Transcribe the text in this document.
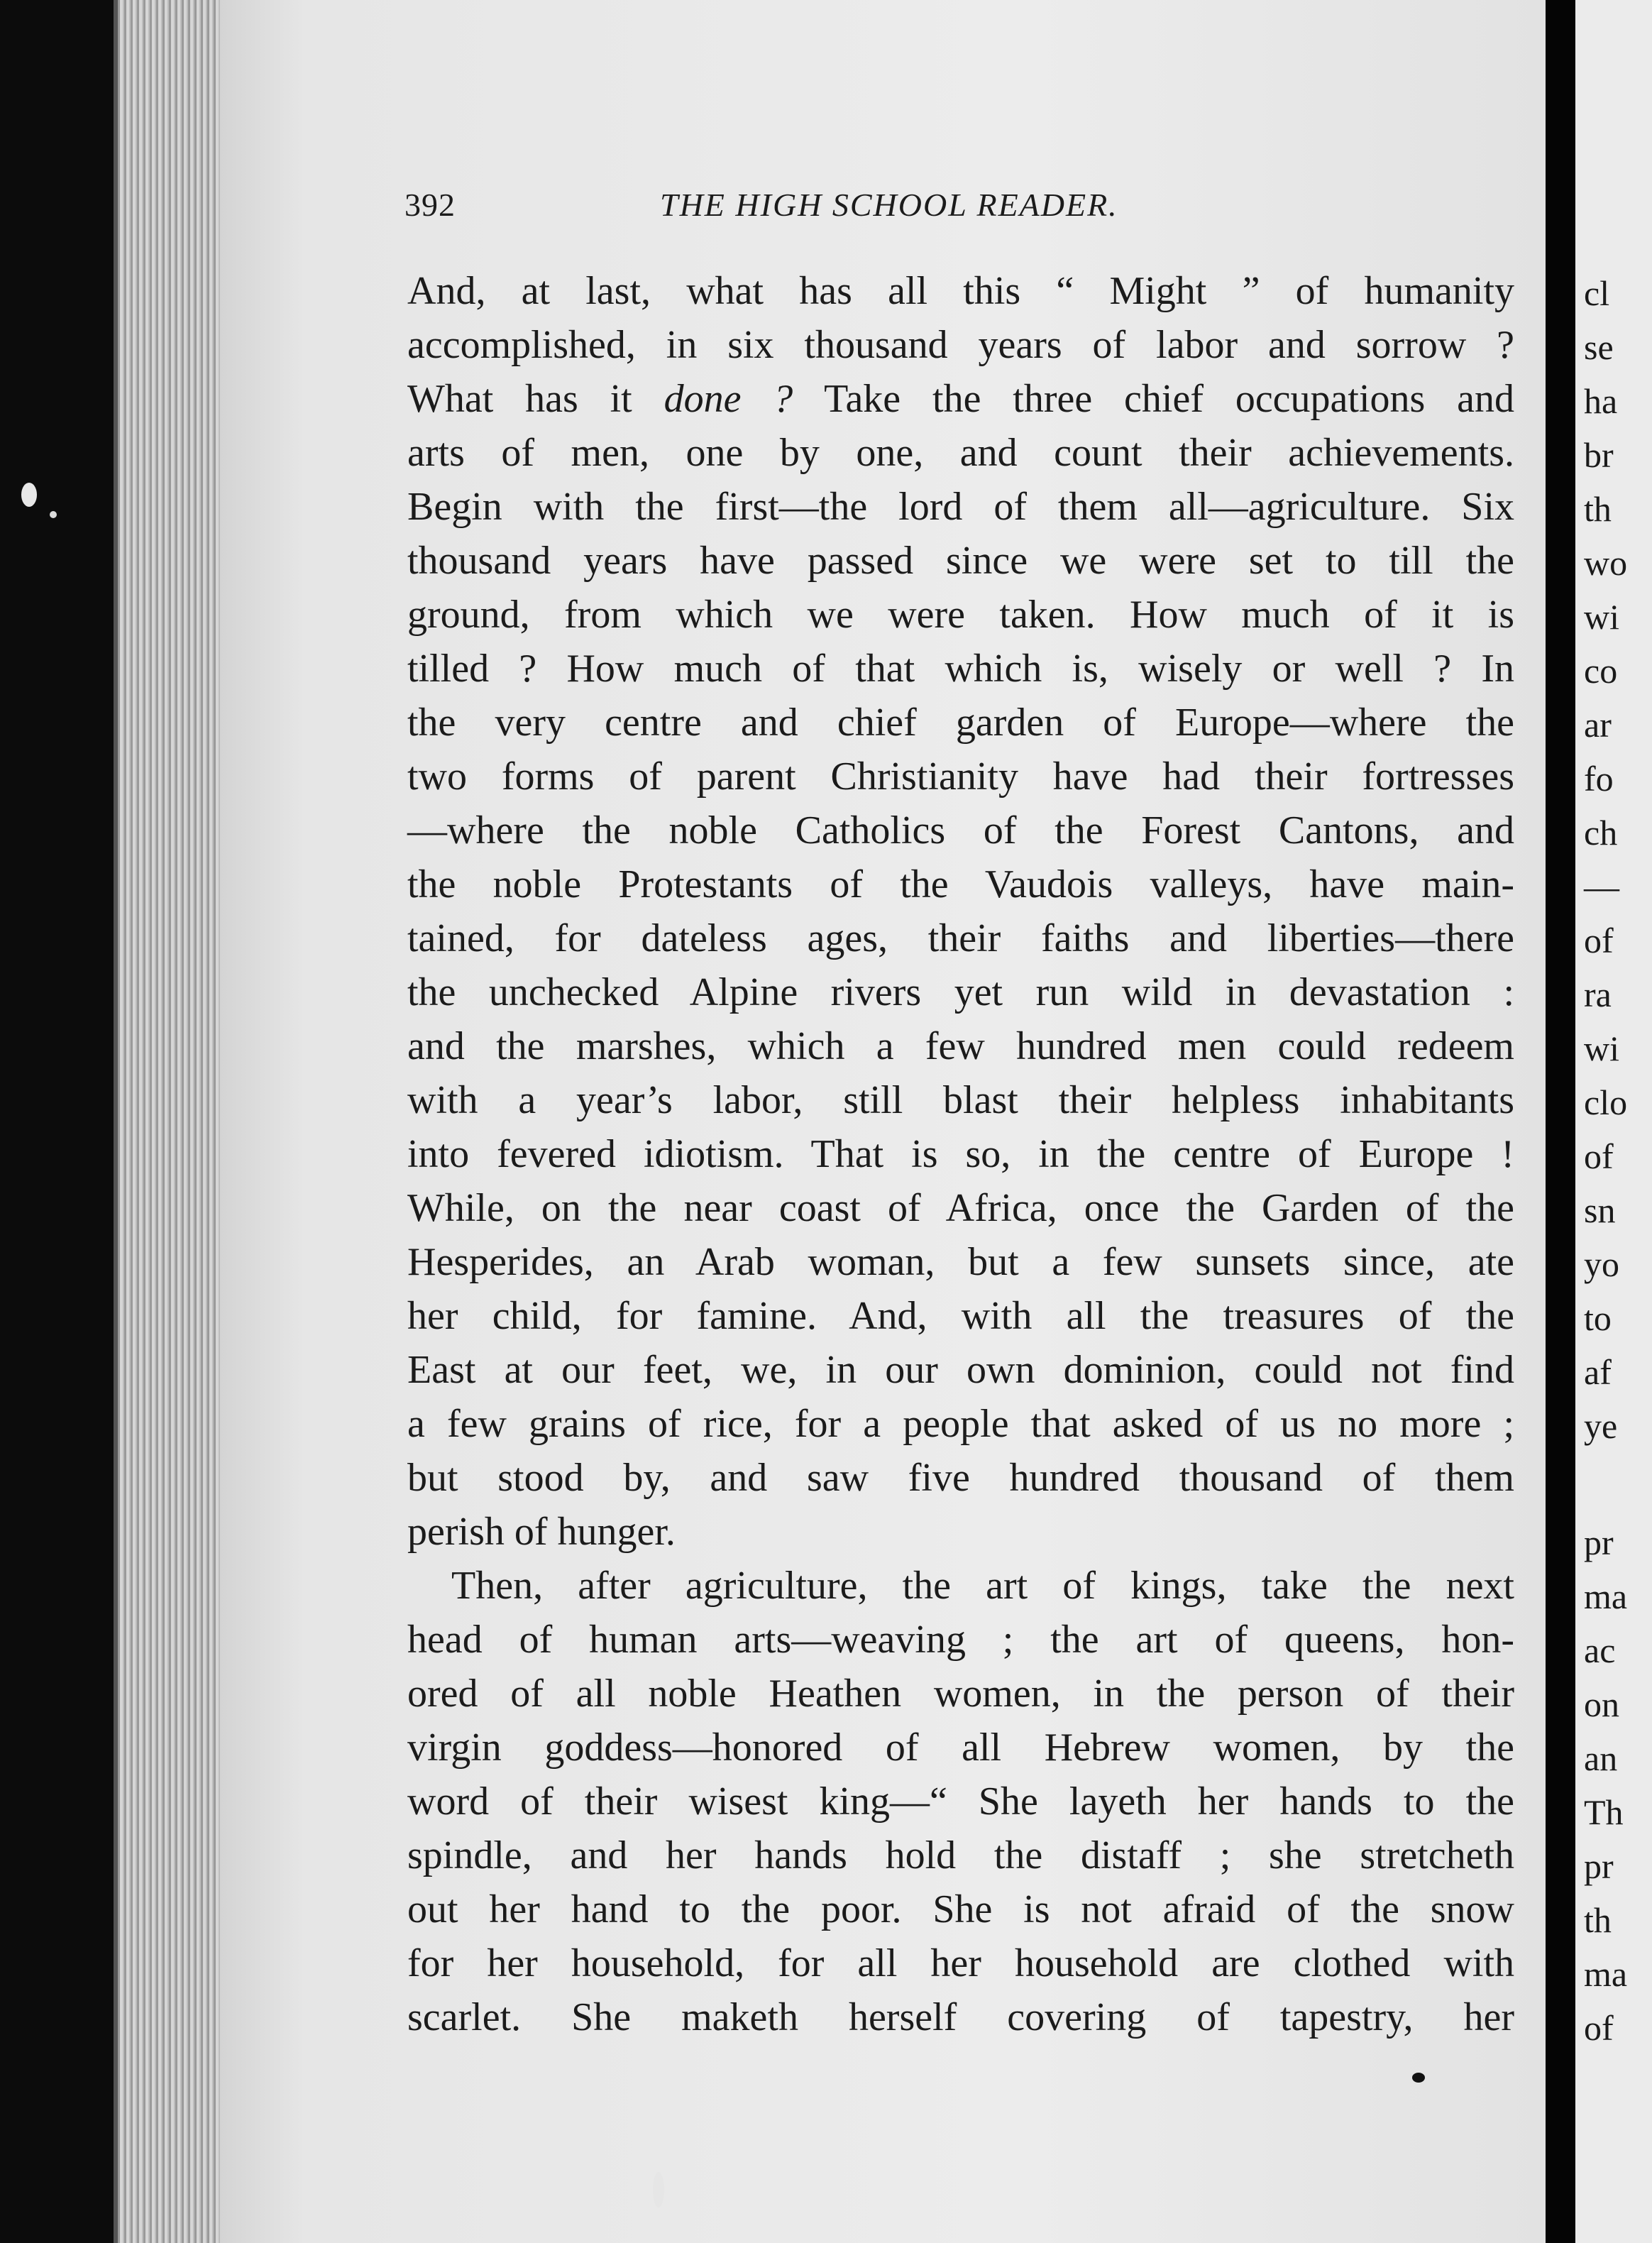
392	THE HIGH SCHOOL READER.
And, at last, what has all this “ Might ” of humanity
accomplished, in six thousand years of labor and sorrow ?
What has it done ? Take the three chief occupations and
arts of men, one by one, and count their achievements.
Begin with the first—the lord of them all—agriculture. Six
thousand years have passed since we were set to till the
ground, from which we were taken. How much of it is
tilled ? How much of that which is, wisely or well ? In
the very centre and chief garden of Europe—where the
two forms of parent Christianity have had their fortresses
—where the noble Catholics of the Forest Cantons, and
the noble Protestants of the Vaudois valleys, have main-
tained, for dateless ages, their faiths and liberties—there
the unchecked Alpine rivers yet run wild in devastation :
and the marshes, which a few hundred men could redeem
with a year’s labor, still blast their helpless inhabitants
into fevered idiotism. That is so, in the centre of Europe !
While, on the near coast of Africa, once the Garden of the
Hesperides, an Arab woman, but a few sunsets since, ate
her child, for famine. And, with all the treasures of the
East at our feet, we, in our own dominion, could not find
a few grains of rice, for a people that asked of us no more ;
but stood by, and saw five hundred thousand of them
perish of hunger.
Then, after agriculture, the art of kings, take the next
head of human arts—weaving ; the art of queens, hon-
ored of all noble Heathen women, in the person of their
virgin goddess—honored of all Hebrew women, by the
word of their wisest king—“ She layeth her hands to the
spindle, and her hands hold the distaff ; she stretcheth
out her hand to the poor. She is not afraid of the snow
for her household, for all her household are clothed with
scarlet. She maketh herself covering of tapestry, her
cl
se
ha
br
th
wo
wi
co
ar
fo
ch
—
of
ra
wi
clo
of
sn
yo
to
af
ye
pr
ma
ac
on
an
Th
pr
th
ma
of
